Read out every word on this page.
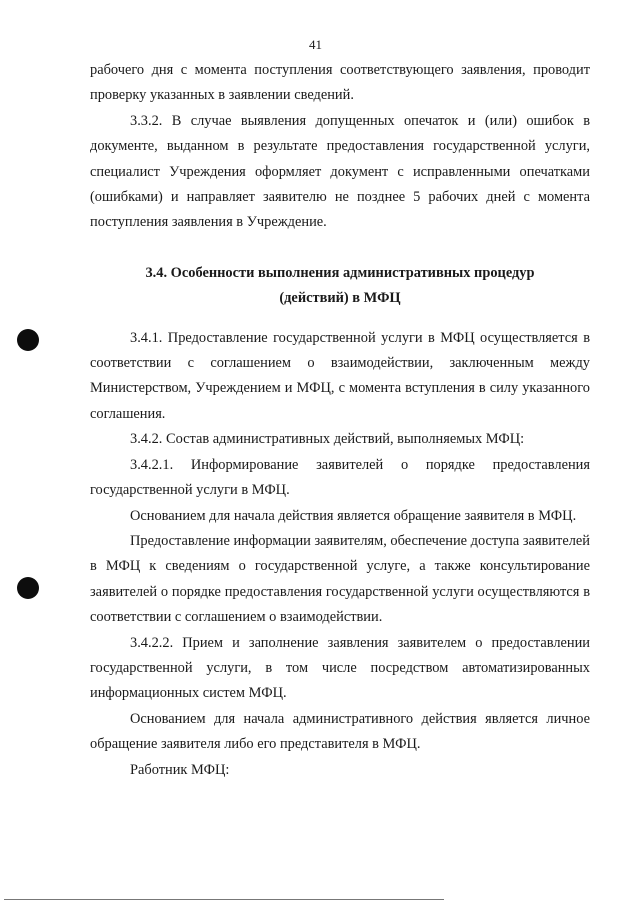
41

рабочего дня с момента поступления соответствующего заявления, проводит проверку указанных в заявлении сведений.

3.3.2. В случае выявления допущенных опечаток и (или) ошибок в документе, выданном в результате предоставления государственной услуги, специалист Учреждения оформляет документ с исправленными опечатками (ошибками) и направляет заявителю не позднее 5 рабочих дней с момента поступления заявления в Учреждение.

3.4. Особенности выполнения административных процедур

(действий) в МФЦ

3.4.1. Предоставление государственной услуги в МФЦ осуществляется в соответствии с соглашением о взаимодействии, заключенным между Министерством, Учреждением и МФЦ, с момента вступления в силу указанного соглашения.

3.4.2. Состав административных действий, выполняемых МФЦ:

3.4.2.1. Информирование заявителей о порядке предоставления государственной услуги в МФЦ.

Основанием для начала действия является обращение заявителя в МФЦ.

Предоставление информации заявителям, обеспечение доступа заявителей в МФЦ к сведениям о государственной услуге, а также консультирование заявителей о порядке предоставления государственной услуги осуществляются в соответствии с соглашением о взаимодействии.

3.4.2.2. Прием и заполнение заявления заявителем о предоставлении государственной услуги, в том числе посредством автоматизированных информационных систем МФЦ.

Основанием для начала административного действия является личное обращение заявителя либо его представителя в МФЦ.

Работник МФЦ:
